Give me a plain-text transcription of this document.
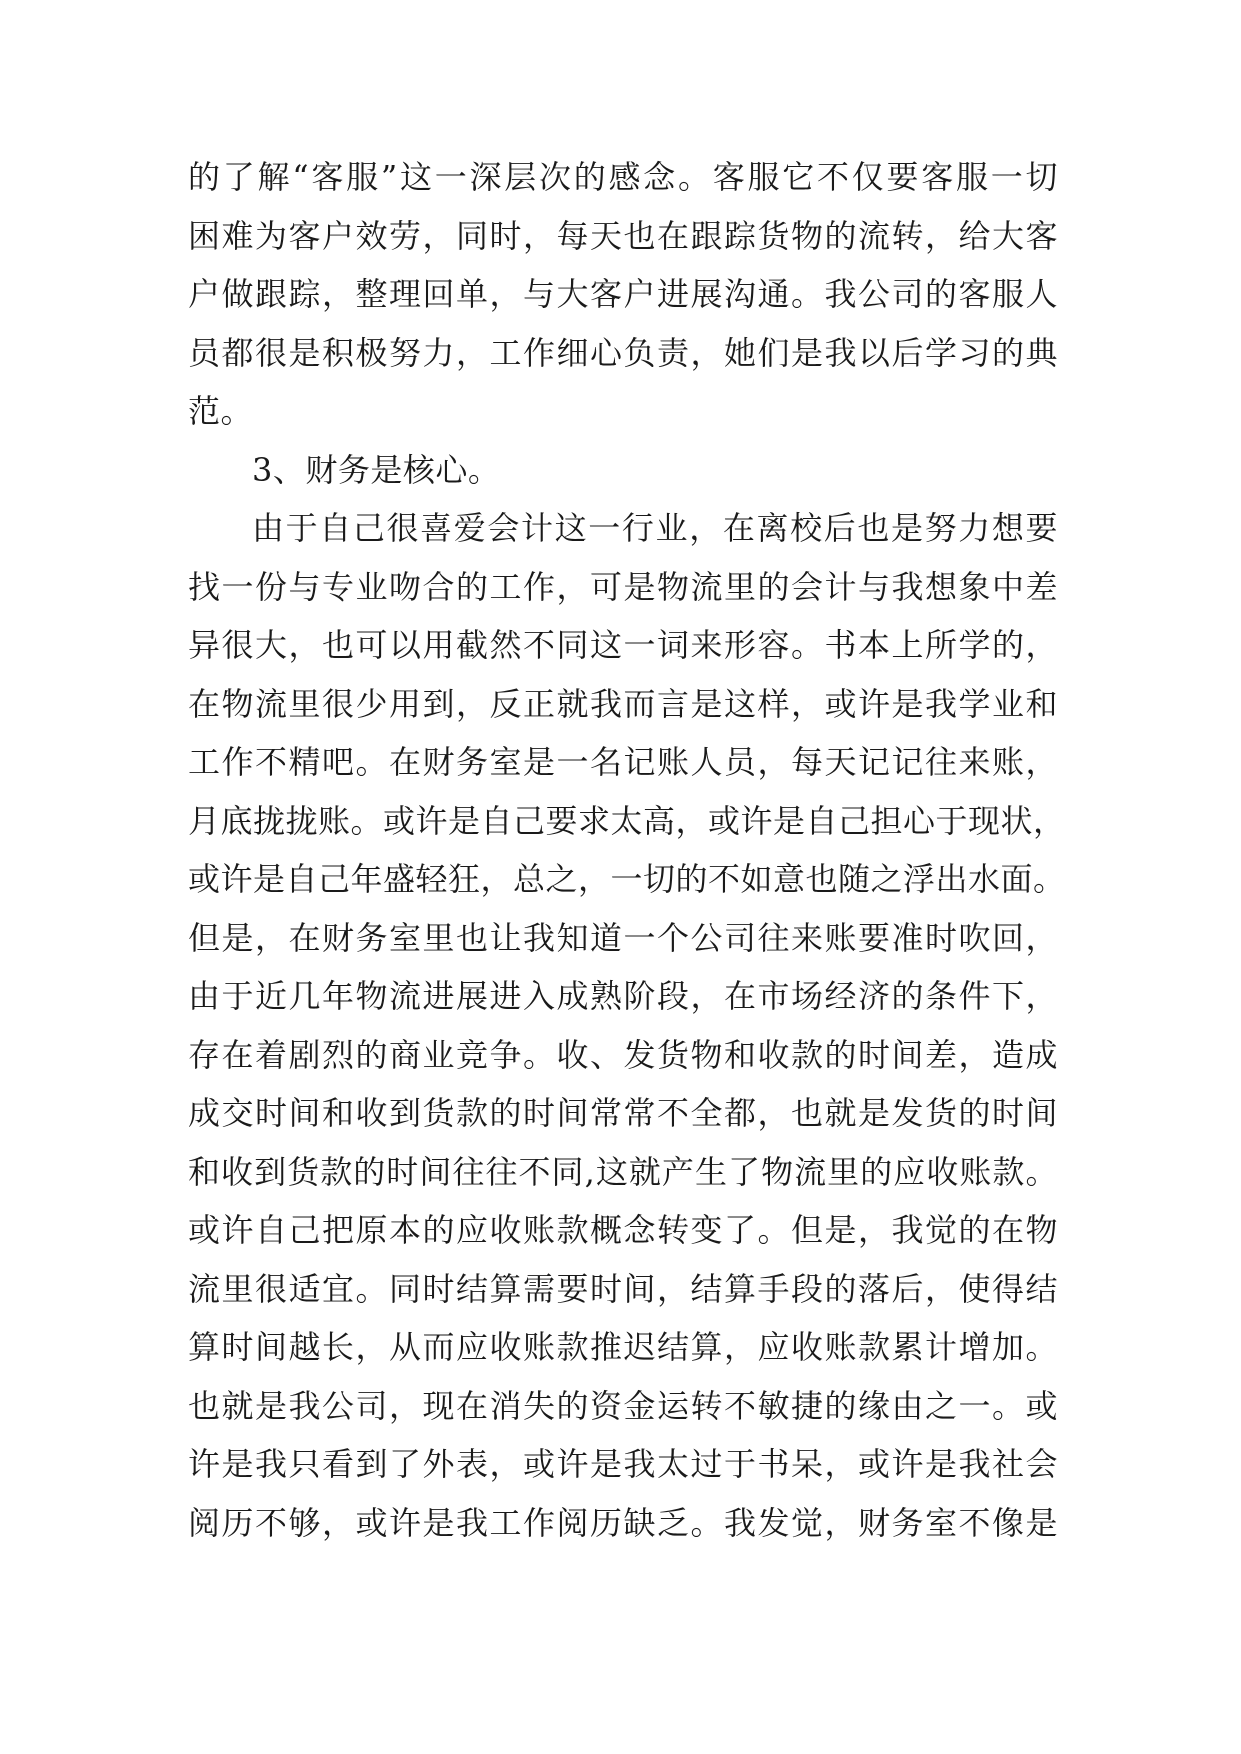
的了解“客服”这一深层次的感念。客服它不仅要客服一切
困难为客户效劳，同时，每天也在跟踪货物的流转，给大客
户做跟踪，整理回单，与大客户进展沟通。我公司的客服人
员都很是积极努力，工作细心负责，她们是我以后学习的典
范。
3、财务是核心。
由于自己很喜爱会计这一行业，在离校后也是努力想要
找一份与专业吻合的工作，可是物流里的会计与我想象中差
异很大，也可以用截然不同这一词来形容。书本上所学的，
在物流里很少用到，反正就我而言是这样，或许是我学业和
工作不精吧。在财务室是一名记账人员，每天记记往来账，
月底拢拢账。或许是自己要求太高，或许是自己担心于现状，
或许是自己年盛轻狂，总之，一切的不如意也随之浮出水面。
但是，在财务室里也让我知道一个公司往来账要准时吹回，
由于近几年物流进展进入成熟阶段，在市场经济的条件下，
存在着剧烈的商业竞争。收、发货物和收款的时间差，造成
成交时间和收到货款的时间常常不全都，也就是发货的时间
和收到货款的时间往往不同,这就产生了物流里的应收账款。
或许自己把原本的应收账款概念转变了。但是，我觉的在物
流里很适宜。同时结算需要时间，结算手段的落后，使得结
算时间越长，从而应收账款推迟结算，应收账款累计增加。
也就是我公司，现在消失的资金运转不敏捷的缘由之一。或
许是我只看到了外表，或许是我太过于书呆，或许是我社会
阅历不够，或许是我工作阅历缺乏。我发觉，财务室不像是
